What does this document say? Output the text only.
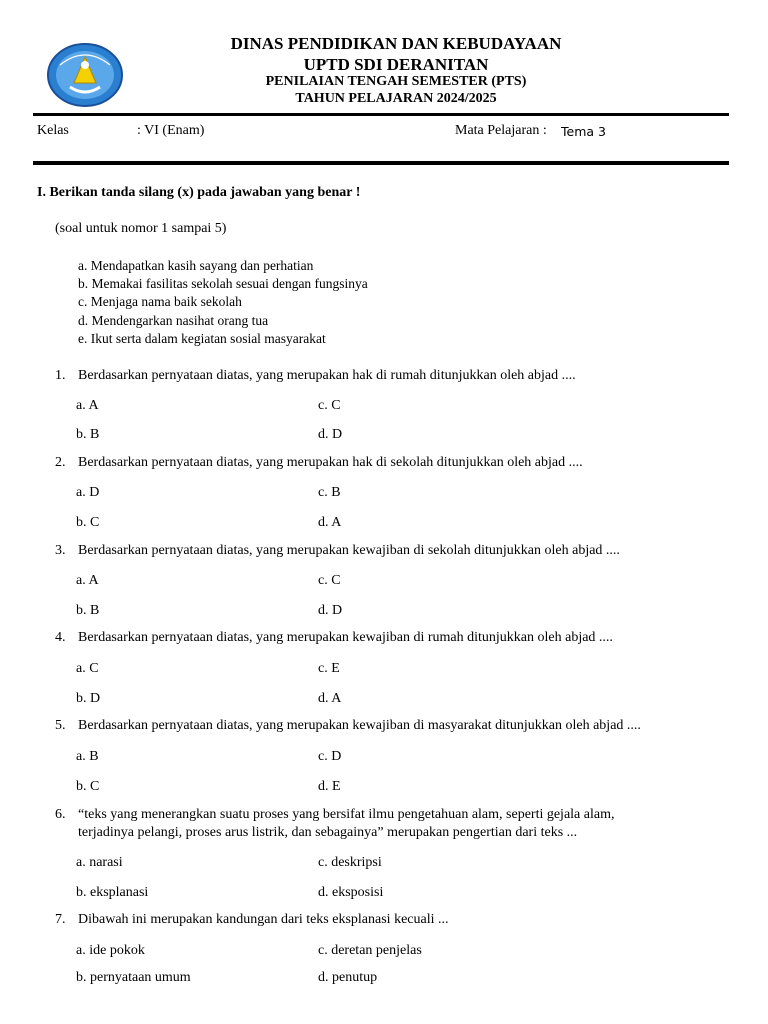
DINAS PENDIDIKAN DAN KEBUDAYAAN
UPTD SDI DERANITAN
PENILAIAN TENGAH SEMESTER (PTS)
TAHUN PELAJARAN 2024/2025
Kelas	: VI (Enam)	Mata Pelajaran : Tema 3
I. Berikan tanda silang (x) pada jawaban yang benar !
(soal untuk nomor 1 sampai 5)
a. Mendapatkan kasih sayang dan perhatian
b. Memakai fasilitas sekolah sesuai dengan fungsinya
c. Menjaga nama baik sekolah
d. Mendengarkan nasihat orang tua
e. Ikut serta dalam kegiatan sosial masyarakat
1. Berdasarkan pernyataan diatas, yang merupakan hak di rumah ditunjukkan oleh abjad ....
a. A	c. C
b. B	d. D
2. Berdasarkan pernyataan diatas, yang merupakan hak di sekolah ditunjukkan oleh abjad ....
a. D	c. B
b. C	d. A
3. Berdasarkan pernyataan diatas, yang merupakan kewajiban di sekolah ditunjukkan oleh abjad ....
a. A	c. C
b. B	d. D
4. Berdasarkan pernyataan diatas, yang merupakan kewajiban di rumah ditunjukkan oleh abjad ....
a. C	c. E
b. D	d. A
5. Berdasarkan pernyataan diatas, yang merupakan kewajiban di masyarakat ditunjukkan oleh abjad ....
a. B	c. D
b. C	d. E
6. “teks yang menerangkan suatu proses yang bersifat ilmu pengetahuan alam, seperti gejala alam,
terjadinya pelangi, proses arus listrik, dan sebagainya” merupakan pengertian dari teks ...
a. narasi	c. deskripsi
b. eksplanasi	d. eksposisi
7. Dibawah ini merupakan kandungan dari teks eksplanasi kecuali ...
a. ide pokok	c. deretan penjelas
b. pernyataan umum	d. penutup
